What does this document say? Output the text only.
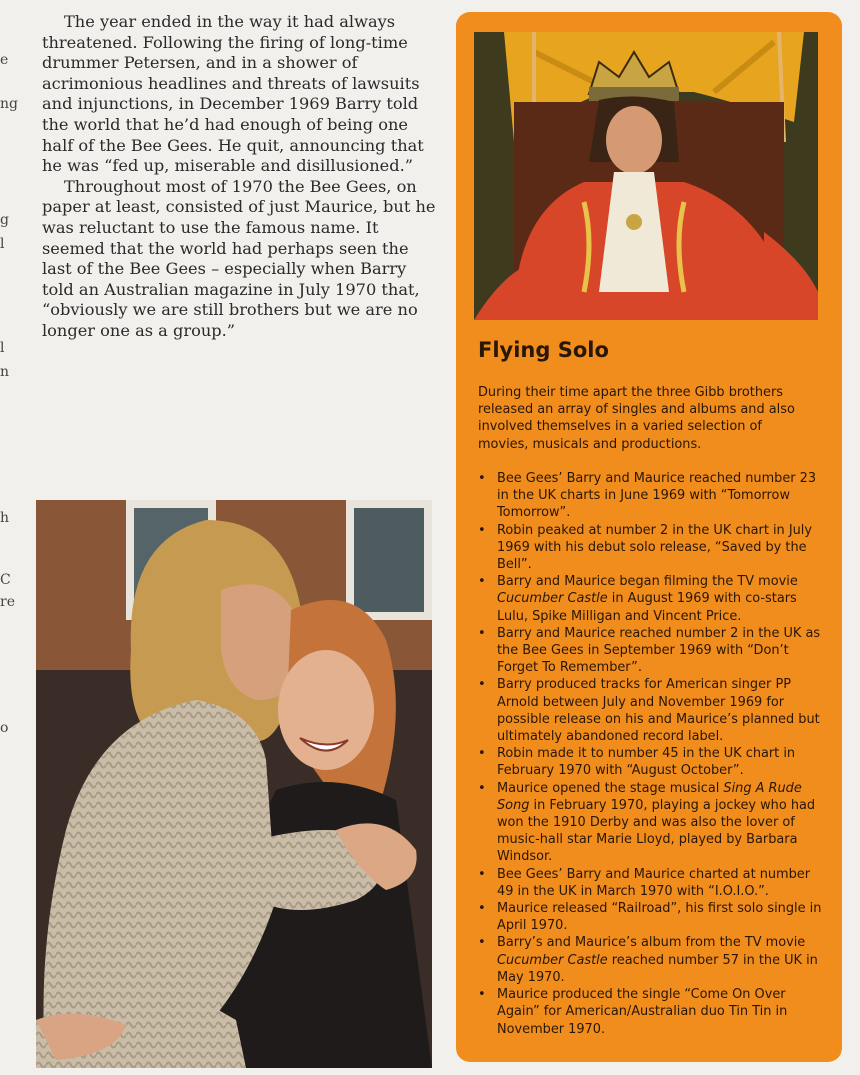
e
ng
g
l
l
n
h
C
re
o

The year ended in the way it had always threatened. Following the firing of long-time drummer Petersen, and in a shower of acrimonious headlines and threats of lawsuits and injunctions, in December 1969 Barry told the world that he’d had enough of being one half of the Bee Gees. He quit, announcing that he was “fed up, miserable and disillusioned.”

Throughout most of 1970 the Bee Gees, on paper at least, consisted of just Maurice, but he was reluctant to use the famous name. It seemed that the world had perhaps seen the last of the Bee Gees – especially when Barry told an Australian magazine in July 1970 that, “obviously we are still brothers but we are no longer one as a group.”

Flying Solo
During their time apart the three Gibb brothers released an array of singles and albums and also involved themselves in a varied selection of movies, musicals and productions.
• Bee Gees’ Barry and Maurice reached number 23 in the UK charts in June 1969 with “Tomorrow Tomorrow”.
• Robin peaked at number 2 in the UK chart in July 1969 with his debut solo release, “Saved by the Bell”.
• Barry and Maurice began filming the TV movie Cucumber Castle in August 1969 with co-stars Lulu, Spike Milligan and Vincent Price.
• Barry and Maurice reached number 2 in the UK as the Bee Gees in September 1969 with “Don’t Forget To Remember”.
• Barry produced tracks for American singer PP Arnold between July and November 1969 for possible release on his and Maurice’s planned but ultimately abandoned record label.
• Robin made it to number 45 in the UK chart in February 1970 with “August October”.
• Maurice opened the stage musical Sing A Rude Song in February 1970, playing a jockey who had won the 1910 Derby and was also the lover of music-hall star Marie Lloyd, played by Barbara Windsor.
• Bee Gees’ Barry and Maurice charted at number 49 in the UK in March 1970 with “I.O.I.O.”.
• Maurice released “Railroad”, his first solo single in April 1970.
• Barry’s and Maurice’s album from the TV movie Cucumber Castle reached number 57 in the UK in May 1970.
• Maurice produced the single “Come On Over Again” for American/Australian duo Tin Tin in November 1970.
